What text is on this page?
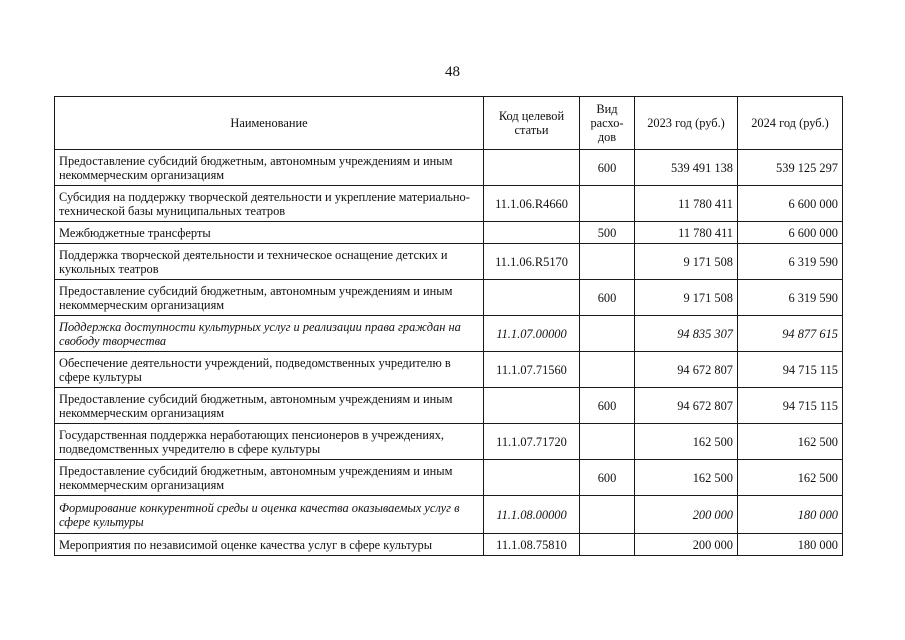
48
Наименование	Код целевой статьи	Вид расхо-дов	2023 год (руб.)	2024 год (руб.)
Предоставление субсидий бюджетным, автономным учреждениям и иным некоммерческим организациям		600	539 491 138	539 125 297
Субсидия на поддержку творческой деятельности и укрепление материально-технической базы муниципальных театров	11.1.06.R4660		11 780 411	6 600 000
Межбюджетные трансферты		500	11 780 411	6 600 000
Поддержка творческой деятельности и техническое оснащение детских и кукольных театров	11.1.06.R5170		9 171 508	6 319 590
Предоставление субсидий бюджетным, автономным учреждениям и иным некоммерческим организациям		600	9 171 508	6 319 590
Поддержка доступности культурных услуг и реализации права граждан на свободу творчества	11.1.07.00000		94 835 307	94 877 615
Обеспечение деятельности учреждений, подведомственных учредителю в сфере культуры	11.1.07.71560		94 672 807	94 715 115
Предоставление субсидий бюджетным, автономным учреждениям и иным некоммерческим организациям		600	94 672 807	94 715 115
Государственная поддержка неработающих пенсионеров в учреждениях, подведомственных учредителю в сфере культуры	11.1.07.71720		162 500	162 500
Предоставление субсидий бюджетным, автономным учреждениям и иным некоммерческим организациям		600	162 500	162 500
Формирование конкурентной среды и оценка качества оказываемых услуг в сфере культуры	11.1.08.00000		200 000	180 000
Мероприятия по независимой оценке качества услуг в сфере культуры	11.1.08.75810		200 000	180 000
